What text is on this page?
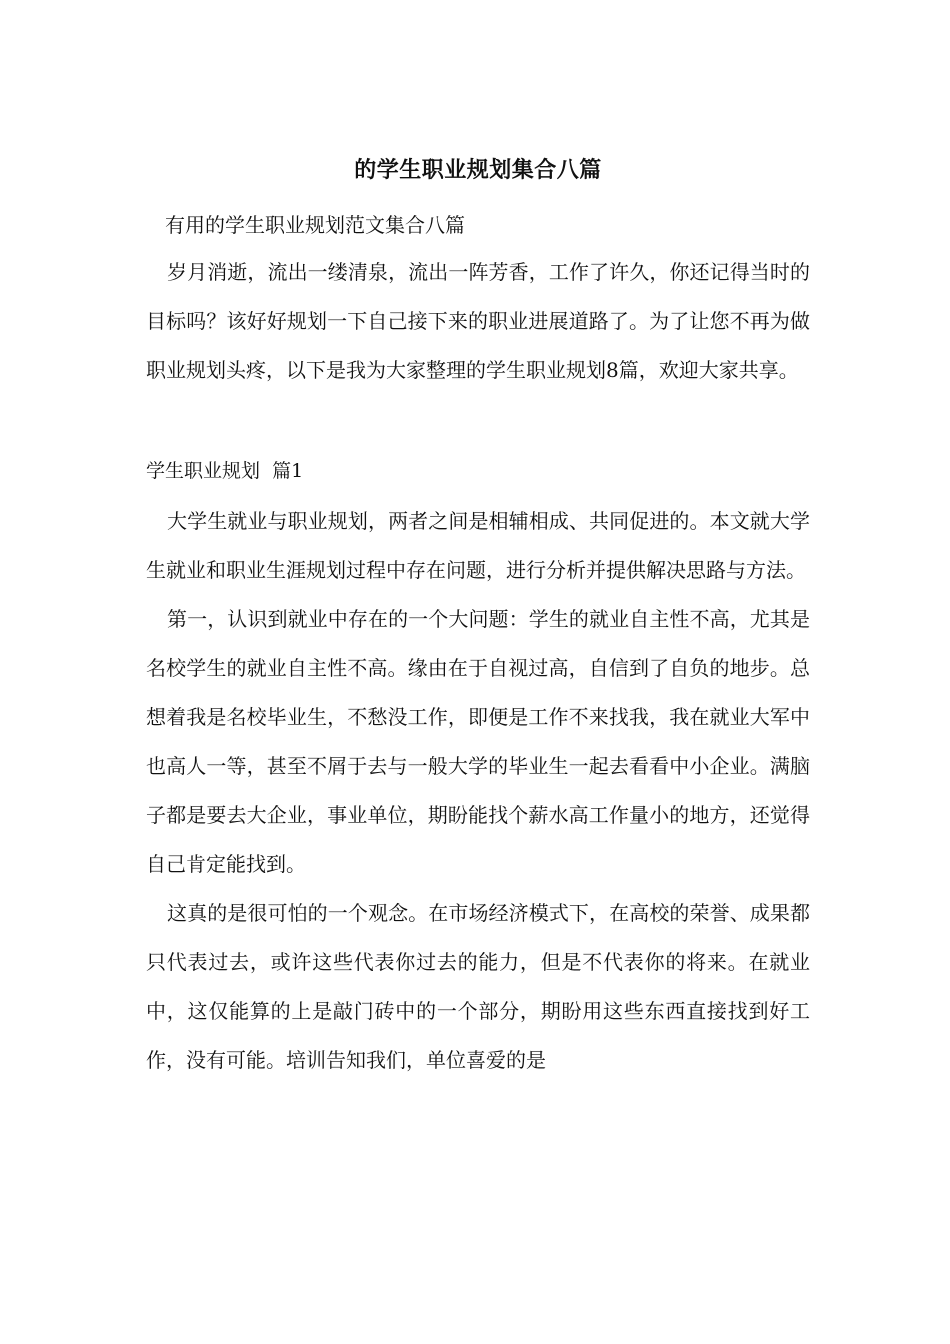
的学生职业规划集合八篇

有用的学生职业规划范文集合八篇

岁月消逝，流出一缕清泉，流出一阵芳香，工作了许久，你还记得当时的目标吗？该好好规划一下自己接下来的职业进展道路了。为了让您不再为做职业规划头疼，以下是我为大家整理的学生职业规划8篇，欢迎大家共享。

学生职业规划  篇1

大学生就业与职业规划，两者之间是相辅相成、共同促进的。本文就大学生就业和职业生涯规划过程中存在问题，进行分析并提供解决思路与方法。

第一，认识到就业中存在的一个大问题：学生的就业自主性不高，尤其是名校学生的就业自主性不高。缘由在于自视过高，自信到了自负的地步。总想着我是名校毕业生，不愁没工作，即便是工作不来找我，我在就业大军中也高人一等，甚至不屑于去与一般大学的毕业生一起去看看中小企业。满脑子都是要去大企业，事业单位，期盼能找个薪水高工作量小的地方，还觉得自己肯定能找到。

这真的是很可怕的一个观念。在市场经济模式下，在高校的荣誉、成果都只代表过去，或许这些代表你过去的能力，但是不代表你的将来。在就业中，这仅能算的上是敲门砖中的一个部分，期盼用这些东西直接找到好工作，没有可能。培训告知我们，单位喜爱的是
